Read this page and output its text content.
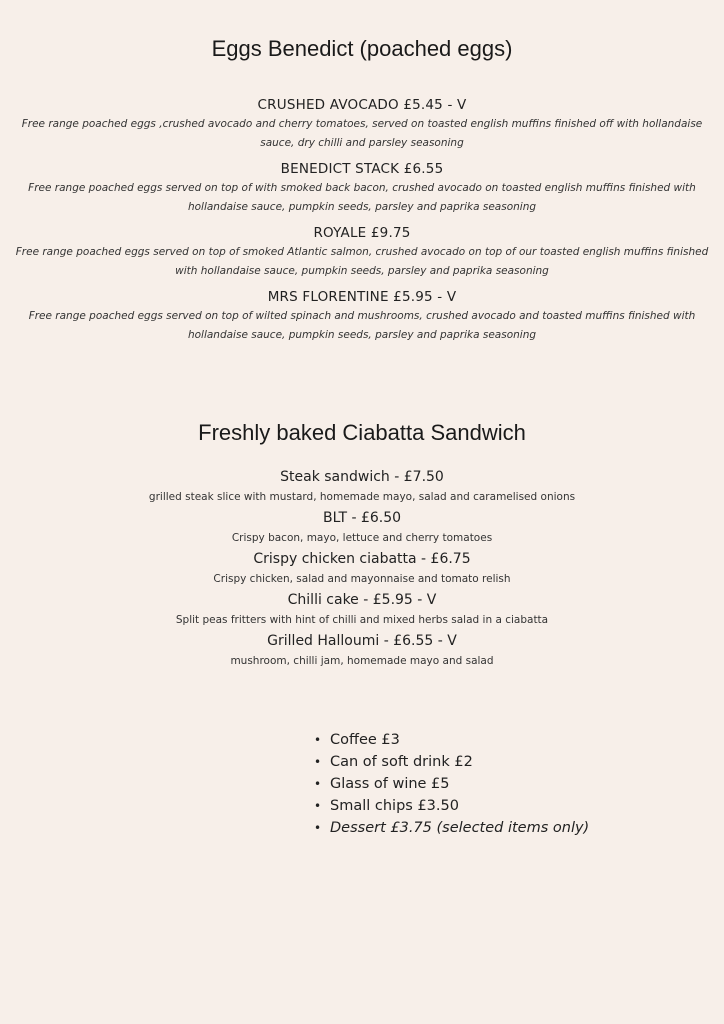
Eggs Benedict (poached eggs)
CRUSHED AVOCADO £5.45 - V
Free range poached eggs ,crushed avocado and cherry tomatoes, served on toasted english muffins finished off with hollandaise sauce, dry chilli and parsley seasoning
BENEDICT STACK £6.55
Free range poached eggs served on top of with smoked back bacon, crushed avocado on toasted english muffins finished with hollandaise sauce, pumpkin seeds, parsley and paprika seasoning
ROYALE £9.75
Free range poached eggs served on top of smoked Atlantic salmon, crushed avocado on top of our toasted english muffins finished with hollandaise sauce, pumpkin seeds, parsley and paprika seasoning
MRS FLORENTINE £5.95 - V
Free range poached eggs served on top of wilted spinach and mushrooms, crushed avocado and toasted muffins finished with hollandaise sauce, pumpkin seeds, parsley and paprika seasoning
Freshly baked Ciabatta Sandwich
Steak sandwich - £7.50
grilled steak slice with mustard, homemade mayo, salad and caramelised onions
BLT - £6.50
Crispy bacon, mayo, lettuce and cherry tomatoes
Crispy chicken ciabatta - £6.75
Crispy chicken, salad and mayonnaise and tomato relish
Chilli cake - £5.95 - V
Split peas fritters with hint of chilli and mixed herbs salad in a ciabatta
Grilled Halloumi - £6.55 - V
mushroom, chilli jam, homemade mayo and salad
• Coffee £3
• Can of soft drink £2
• Glass of wine £5
• Small chips £3.50
• Dessert £3.75 (selected items only)
